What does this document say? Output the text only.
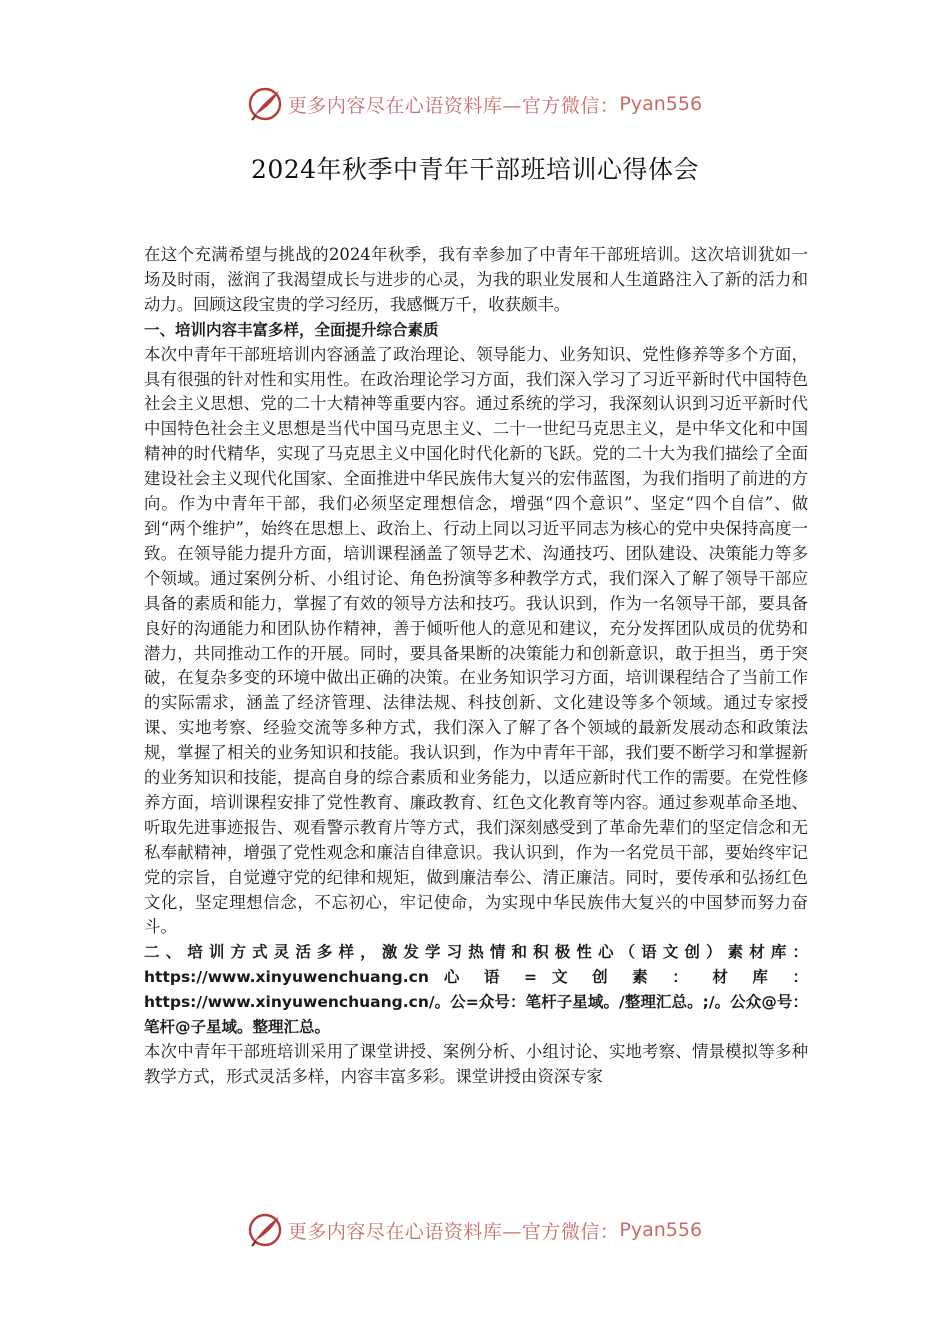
更多内容尽在心语资料库—官方微信： Pyan556
2024年秋季中青年干部班培训心得体会

在这个充满希望与挑战的2024年秋季，我有幸参加了中青年干部班培训。这次培训犹如一场及时雨，滋润了我渴望成长与进步的心灵，为我的职业发展和人生道路注入了新的活力和动力。回顾这段宝贵的学习经历，我感慨万千，收获颇丰。

一、培训内容丰富多样，全面提升综合素质

本次中青年干部班培训内容涵盖了政治理论、领导能力、业务知识、党性修养等多个方面，具有很强的针对性和实用性。在政治理论学习方面，我们深入学习了习近平新时代中国特色社会主义思想、党的二十大精神等重要内容。通过系统的学习，我深刻认识到习近平新时代中国特色社会主义思想是当代中国马克思主义、二十一世纪马克思主义，是中华文化和中国精神的时代精华，实现了马克思主义中国化时代化新的飞跃。党的二十大为我们描绘了全面建设社会主义现代化国家、全面推进中华民族伟大复兴的宏伟蓝图，为我们指明了前进的方向。作为中青年干部，我们必须坚定理想信念，增强“四个意识”、坚定“四个自信”、做到“两个维护”，始终在思想上、政治上、行动上同以习近平同志为核心的党中央保持高度一致。在领导能力提升方面，培训课程涵盖了领导艺术、沟通技巧、团队建设、决策能力等多个领域。通过案例分析、小组讨论、角色扮演等多种教学方式，我们深入了解了领导干部应具备的素质和能力，掌握了有效的领导方法和技巧。我认识到，作为一名领导干部，要具备良好的沟通能力和团队协作精神，善于倾听他人的意见和建议，充分发挥团队成员的优势和潜力，共同推动工作的开展。同时，要具备果断的决策能力和创新意识，敢于担当，勇于突破，在复杂多变的环境中做出正确的决策。在业务知识学习方面，培训课程结合了当前工作的实际需求，涵盖了经济管理、法律法规、科技创新、文化建设等多个领域。通过专家授课、实地考察、经验交流等多种方式，我们深入了解了各个领域的最新发展动态和政策法规，掌握了相关的业务知识和技能。我认识到，作为中青年干部，我们要不断学习和掌握新的业务知识和技能，提高自身的综合素质和业务能力，以适应新时代工作的需要。在党性修养方面，培训课程安排了党性教育、廉政教育、红色文化教育等内容。通过参观革命圣地、听取先进事迹报告、观看警示教育片等方式，我们深刻感受到了革命先辈们的坚定信念和无私奉献精神，增强了党性观念和廉洁自律意识。我认识到，作为一名党员干部，要始终牢记党的宗旨，自觉遵守党的纪律和规矩，做到廉洁奉公、清正廉洁。同时，要传承和弘扬红色文化，坚定理想信念，不忘初心，牢记使命，为实现中华民族伟大复兴的中国梦而努力奋斗。

二、培训方式灵活多样，激发学习热情和积极性心（语文创）素材库：https://www.xinyuwenchuang.cn 心 语 = 文 创 素 ： 材 库 ： https://www.xinyuwenchuang.cn/。公=众号：笔杆子星域。/整理汇总。;/。公众@号：笔杆@子星域。整理汇总。

本次中青年干部班培训采用了课堂讲授、案例分析、小组讨论、实地考察、情景模拟等多种教学方式，形式灵活多样，内容丰富多彩。课堂讲授由资深专家

更多内容尽在心语资料库—官方微信： Pyan556
